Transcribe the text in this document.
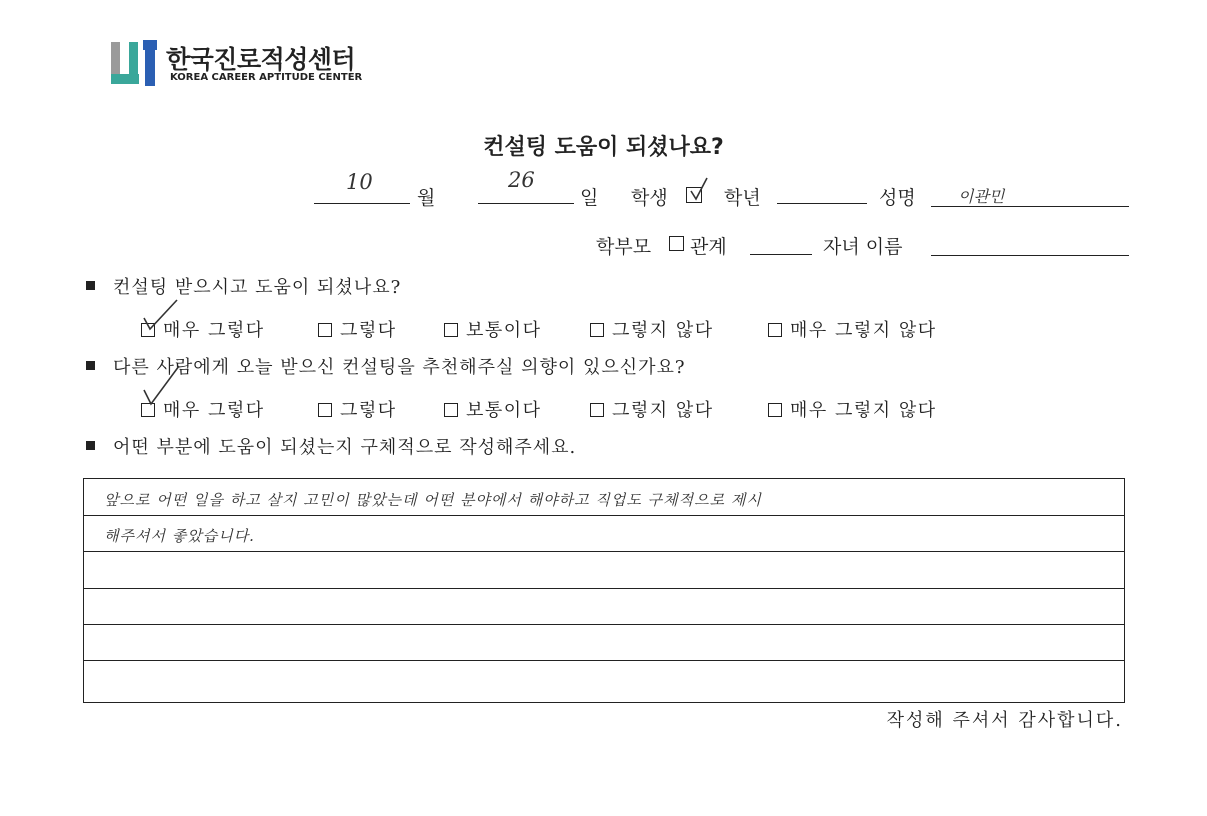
한국진로적성센터
KOREA CAREER APTITUDE CENTER
컨설팅 도움이 되셨나요?
10
월
26
일 학생	학년	성명	이관민
학부모 관계	자녀 이름
컨설팅 받으시고 도움이 되셨나요?
매우 그렇다	그렇다	보통이다	그렇지 않다	매우 그렇지 않다
다른 사람에게 오늘 받으신 컨설팅을 추천해주실 의향이 있으신가요?
매우 그렇다	그렇다	보통이다	그렇지 않다	매우 그렇지 않다
어떤 부분에 도움이 되셨는지 구체적으로 작성해주세요.
앞으로 어떤 일을 하고 살지 고민이 많았는데 어떤 분야에서 해야하고 직업도 구체적으로 제시
해주셔서 좋았습니다.
작성해 주셔서 감사합니다.
